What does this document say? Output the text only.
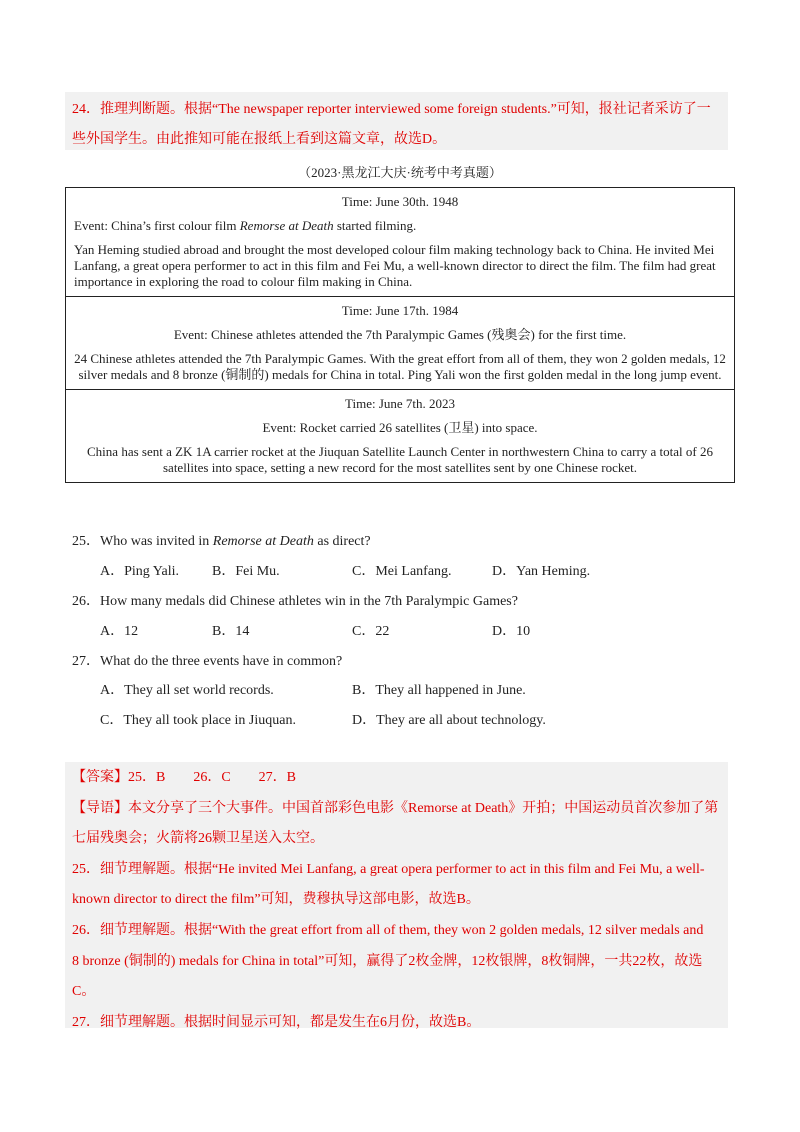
24．推理判断题。根据“The newspaper reporter interviewed some foreign students.”可知，报社记者采访了一
些外国学生。由此推知可能在报纸上看到这篇文章，故选D。
（2023·黑龙江大庆·统考中考真题）

Time: June 30th. 1948

Event: China’s first colour film Remorse at Death started filming.

Yan Heming studied abroad and brought the most developed colour film making technology back to China. He invited Mei Lanfang, a great opera performer to act in this film and Fei Mu, a well-known director to direct the film. The film had great importance in exploring the road to colour film making in China.

Time: June 17th. 1984

Event: Chinese athletes attended the 7th Paralympic Games (残奥会) for the first time.

24 Chinese athletes attended the 7th Paralympic Games. With the great effort from all of them, they won 2 golden medals, 12 silver medals and 8 bronze (铜制的) medals for China in total. Ping Yali won the first golden medal in the long jump event.

Time: June 7th. 2023

Event: Rocket carried 26 satellites (卫星) into space.

China has sent a ZK 1A carrier rocket at the Jiuquan Satellite Launch Center in northwestern China to carry a total of 26 satellites into space, setting a new record for the most satellites sent by one Chinese rocket.

25．Who was invited in Remorse at Death as direct?
A．Ping Yali. B．Fei Mu.	C．Mei Lanfang.	D．Yan Heming.
26．How many medals did Chinese athletes win in the 7th Paralympic Games?
A．12	B．14	C．22	D．10
27．What do the three events have in common?
A．They all set world records.	B．They all happened in June.
C．They all took place in Jiuquan.	D．They are all about technology.
【答案】25．B　　26．C　　27．B
【导语】本文分享了三个大事件。中国首部彩色电影《Remorse at Death》开拍；中国运动员首次参加了第
七届残奥会；火箭将26颗卫星送入太空。
25．细节理解题。根据“He invited Mei Lanfang, a great opera performer to act in this film and Fei Mu, a well-
known director to direct the film”可知，费穆执导这部电影，故选B。
26．细节理解题。根据“With the great effort from all of them, they won 2 golden medals, 12 silver medals and
8 bronze (铜制的) medals for China in total”可知，赢得了2枚金牌，12枚银牌，8枚铜牌，一共22枚，故选
C。
27．细节理解题。根据时间显示可知，都是发生在6月份，故选B。
